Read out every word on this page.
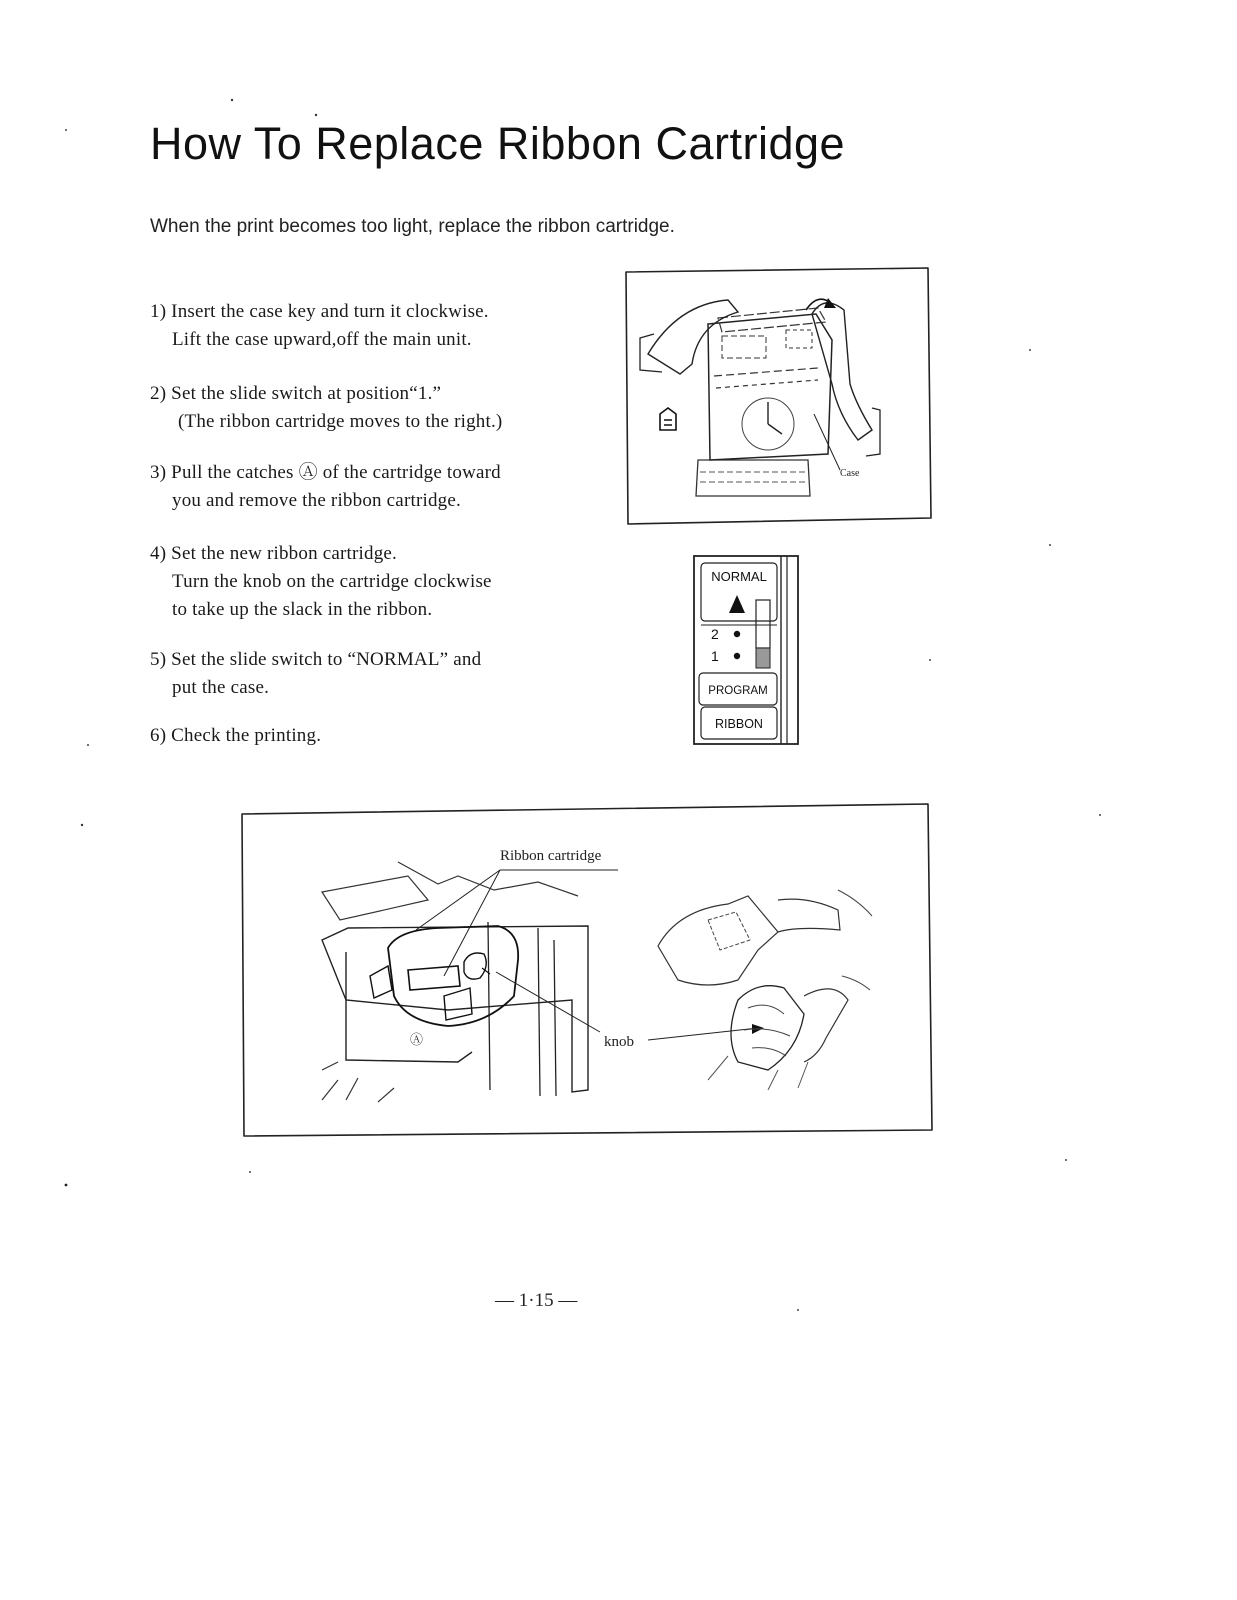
How To Replace Ribbon Cartridge
When the print becomes too light, replace the ribbon cartridge.
1) Insert the case key and turn it clockwise.
Lift the case upward,off the main unit.
2) Set the slide switch at position“1.”
(The ribbon cartridge moves to the right.)
3) Pull the catches Ⓐ of the cartridge toward
you and remove the ribbon cartridge.
4) Set the new ribbon cartridge.
Turn the knob on the cartridge clockwise
to take up the slack in the ribbon.
5) Set the slide switch to “NORMAL” and
put the case.
6) Check the printing.
Case
NORMAL
2
1
PROGRAM
RIBBON
Ribbon cartridge
Ⓐ	knob
— 1·15 —
